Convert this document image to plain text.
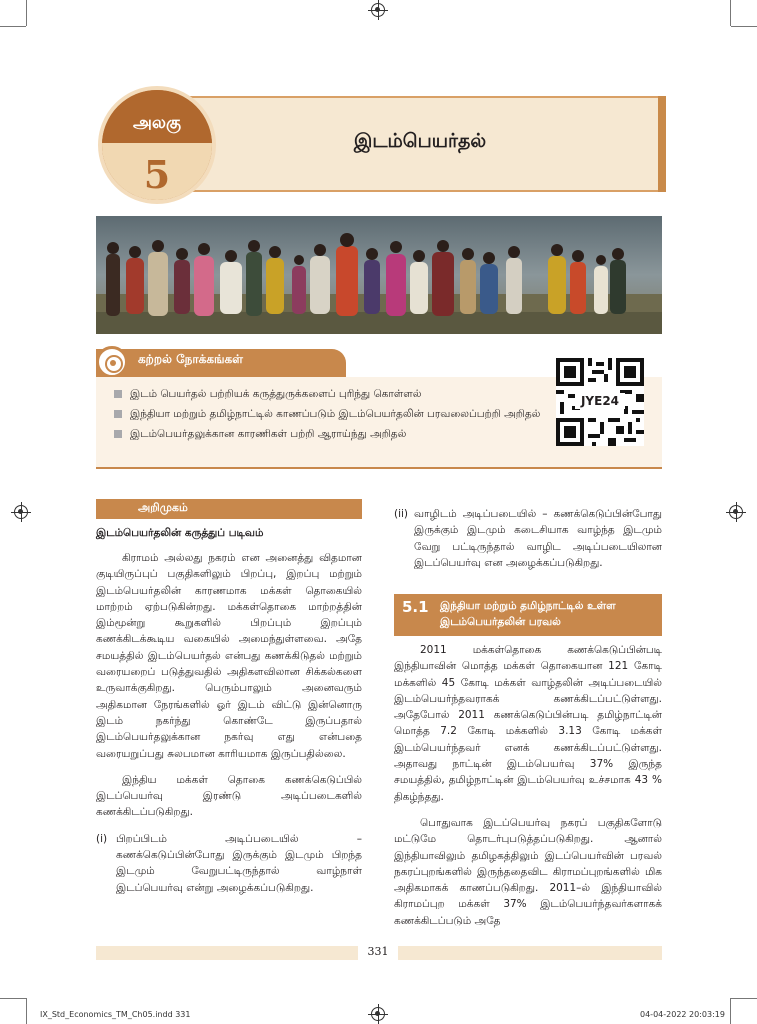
அலகு
5
இடம்பெயர்தல்
கற்றல் நோக்கங்கள்
இடம் பெயர்தல் பற்றியக் கருத்துருக்களைப் புரிந்து கொள்ளல்
இந்தியா மற்றும் தமிழ்நாட்டில் காணப்படும் இடம்பெயர்தலின் பரவலைப்பற்றி அறிதல்
இடம்பெயர்தலுக்கான காரணிகள் பற்றி ஆராய்ந்து அறிதல்
JYE24
அறிமுகம்
இடம்பெயர்தலின் கருத்துப் படிவம்

கிராமம் அல்லது நகரம் என அனைத்து விதமான குடியிருப்புப் பகுதிகளிலும் பிறப்பு, இறப்பு மற்றும் இடம்பெயர்தலின் காரணமாக மக்கள் தொகையில் மாற்றம் ஏற்படுகின்றது. மக்கள்தொகை மாற்றத்தின் இம்மூன்று கூறுகளில் பிறப்பும் இறப்பும் கணக்கிடக்கூடிய வகையில் அமைந்துள்ளவை. அதே சமயத்தில் இடம்பெயர்தல் என்பது கணக்கிடுதல் மற்றும் வரையறைப் படுத்துவதில் அதிகளவிலான சிக்கல்களை உருவாக்குகிறது. பெரும்பாலும் அனைவரும் அதிகமான நேரங்களில் ஓர் இடம் விட்டு இன்னொரு இடம் நகர்ந்து கொண்டே இருப்பதால் இடம்பெயர்தலுக்கான நகர்வு எது என்பதை வரையறுப்பது சுலபமான காரியமாக இருப்பதில்லை.

இந்திய மக்கள் தொகை கணக்கெடுப்பில் இடப்பெயர்வு இரண்டு அடிப்படைகளில் கணக்கிடப்படுகிறது.

(i) பிறப்பிடம் அடிப்படையில் – கணக்கெடுப்பின்போது இருக்கும் இடமும் பிறந்த இடமும் வேறுபட்டிருந்தால் வாழ்நாள் இடப்பெயர்வு என்று அழைக்கப்படுகிறது.
(ii) வாழிடம் அடிப்படையில் – கணக்கெடுப்பின்போது இருக்கும் இடமும் கடைசியாக வாழ்ந்த இடமும் வேறு பட்டிருந்தால் வாழிட அடிப்படையிலான இடப்பெயர்வு என அழைக்கப்படுகிறது.
5.1 இந்தியா மற்றும் தமிழ்நாட்டில் உள்ள இடம்பெயர்தலின் பரவல்

2011 மக்கள்தொகை கணக்கெடுப்பின்படி இந்தியாவின் மொத்த மக்கள் தொகையான 121 கோடி மக்களில் 45 கோடி மக்கள் வாழ்தலின் அடிப்படையில் இடம்பெயர்ந்தவராகக் கணக்கிடப்பட்டுள்ளது. அதேபோல் 2011 கணக்கெடுப்பின்படி தமிழ்நாட்டின் மொத்த 7.2 கோடி மக்களில் 3.13 கோடி மக்கள் இடம்பெயர்ந்தவர் எனக் கணக்கிடப்பட்டுள்ளது. அதாவது நாட்டின் இடம்பெயர்வு 37% இருந்த சமயத்தில், தமிழ்நாட்டின் இடம்பெயர்வு உச்சமாக 43 % திகழ்ந்தது.

பொதுவாக இடப்பெயர்வு நகரப் பகுதிகளோடு மட்டுமே தொடர்புபடுத்தப்படுகிறது. ஆனால் இந்தியாவிலும் தமிழகத்திலும் இடப்பெயர்வின் பரவல் நகரப்புறங்களில் இருந்ததைவிட கிராமப்புறங்களில் மிக அதிகமாகக் காணப்படுகிறது. 2011–ல் இந்தியாவில் கிராமப்புற மக்கள் 37% இடம்பெயர்ந்தவர்களாகக் கணக்கிடப்படும் அதே

331
IX_Std_Economics_TM_Ch05.indd 331	04-04-2022 20:03:19
